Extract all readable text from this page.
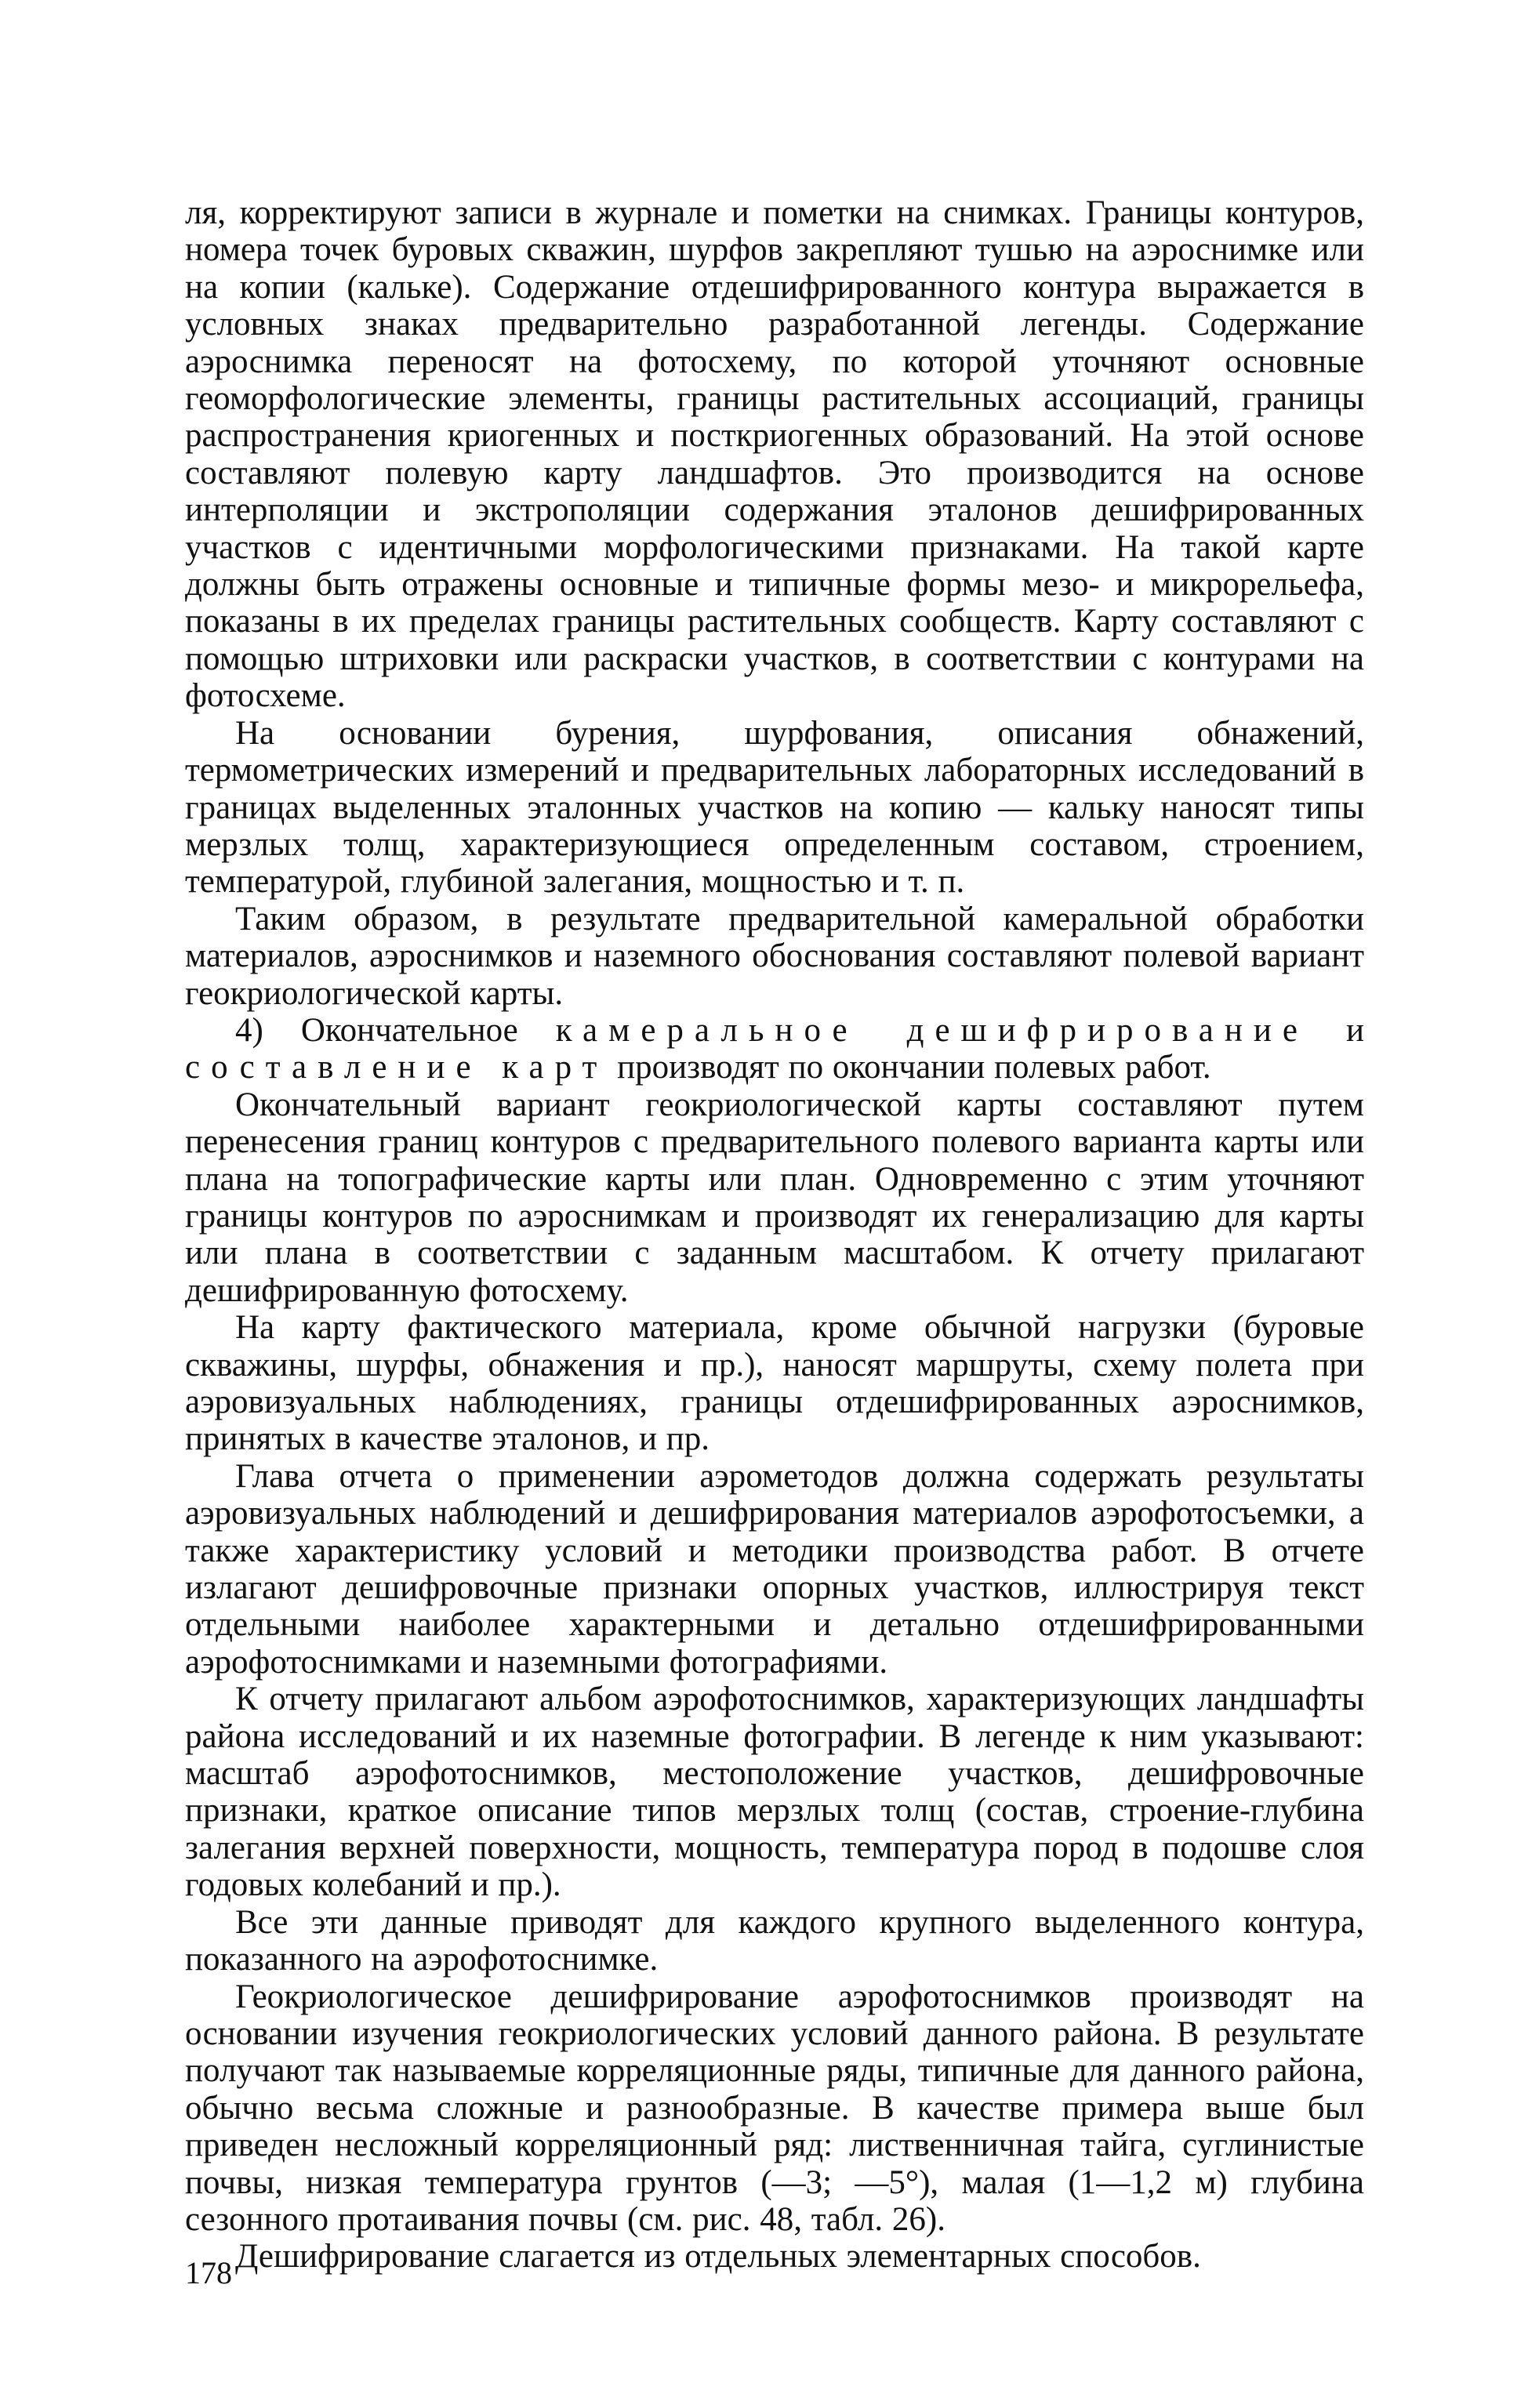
ля, корректируют записи в журнале и пометки на снимках. Границы контуров, номера точек буровых скважин, шурфов закрепляют тушью на аэроснимке или на копии (кальке). Содержание отдешифрированного контура выражается в условных знаках предварительно разработанной легенды. Содержание аэроснимка переносят на фотосхему, по которой уточняют основные геоморфологические элементы, границы растительных ассоциаций, границы распространения криогенных и посткриогенных образований. На этой основе составляют полевую карту ландшафтов. Это производится на основе интерполяции и экстрополяции содержания эталонов дешифрированных участков с идентичными морфологическими признаками. На такой карте должны быть отражены основные и типичные формы мезо- и микрорельефа, показаны в их пределах границы растительных сообществ. Карту составляют с помощью штриховки или раскраски участков, в соответствии с контурами на фотосхеме.

На основании бурения, шурфования, описания обнажений, термометрических измерений и предварительных лабораторных исследований в границах выделенных эталонных участков на копию — кальку наносят типы мерзлых толщ, характеризующиеся определенным составом, строением, температурой, глубиной залегания, мощностью и т. п.

Таким образом, в результате предварительной камеральной обработки материалов, аэроснимков и наземного обоснования составляют полевой вариант геокриологической карты.

4) Окончательное камеральное дешифрирование и составление карт производят по окончании полевых работ.

Окончательный вариант геокриологической карты составляют путем перенесения границ контуров с предварительного полевого варианта карты или плана на топографические карты или план. Одновременно с этим уточняют границы контуров по аэроснимкам и производят их генерализацию для карты или плана в соответствии с заданным масштабом. К отчету прилагают дешифрированную фотосхему.

На карту фактического материала, кроме обычной нагрузки (буровые скважины, шурфы, обнажения и пр.), наносят маршруты, схему полета при аэровизуальных наблюдениях, границы отдешифрированных аэроснимков, принятых в качестве эталонов, и пр.

Глава отчета о применении аэрометодов должна содержать результаты аэровизуальных наблюдений и дешифрирования материалов аэрофотосъемки, а также характеристику условий и методики производства работ. В отчете излагают дешифровочные признаки опорных участков, иллюстрируя текст отдельными наиболее характерными и детально отдешифрированными аэрофотоснимками и наземными фотографиями.

К отчету прилагают альбом аэрофотоснимков, характеризующих ландшафты района исследований и их наземные фотографии. В легенде к ним указывают: масштаб аэрофотоснимков, местоположение участков, дешифровочные признаки, краткое описание типов мерзлых толщ (состав, строение-глубина залегания верхней поверхности, мощность, температура пород в подошве слоя годовых колебаний и пр.).

Все эти данные приводят для каждого крупного выделенного контура, показанного на аэрофотоснимке.

Геокриологическое дешифрирование аэрофотоснимков производят на основании изучения геокриологических условий данного района. В результате получают так называемые корреляционные ряды, типичные для данного района, обычно весьма сложные и разнообразные. В качестве примера выше был приведен несложный корреляционный ряд: лиственничная тайга, суглинистые почвы, низкая температура грунтов (—3; —5°), малая (1—1,2 м) глубина сезонного протаивания почвы (см. рис. 48, табл. 26).

Дешифрирование слагается из отдельных элементарных способов.

178
